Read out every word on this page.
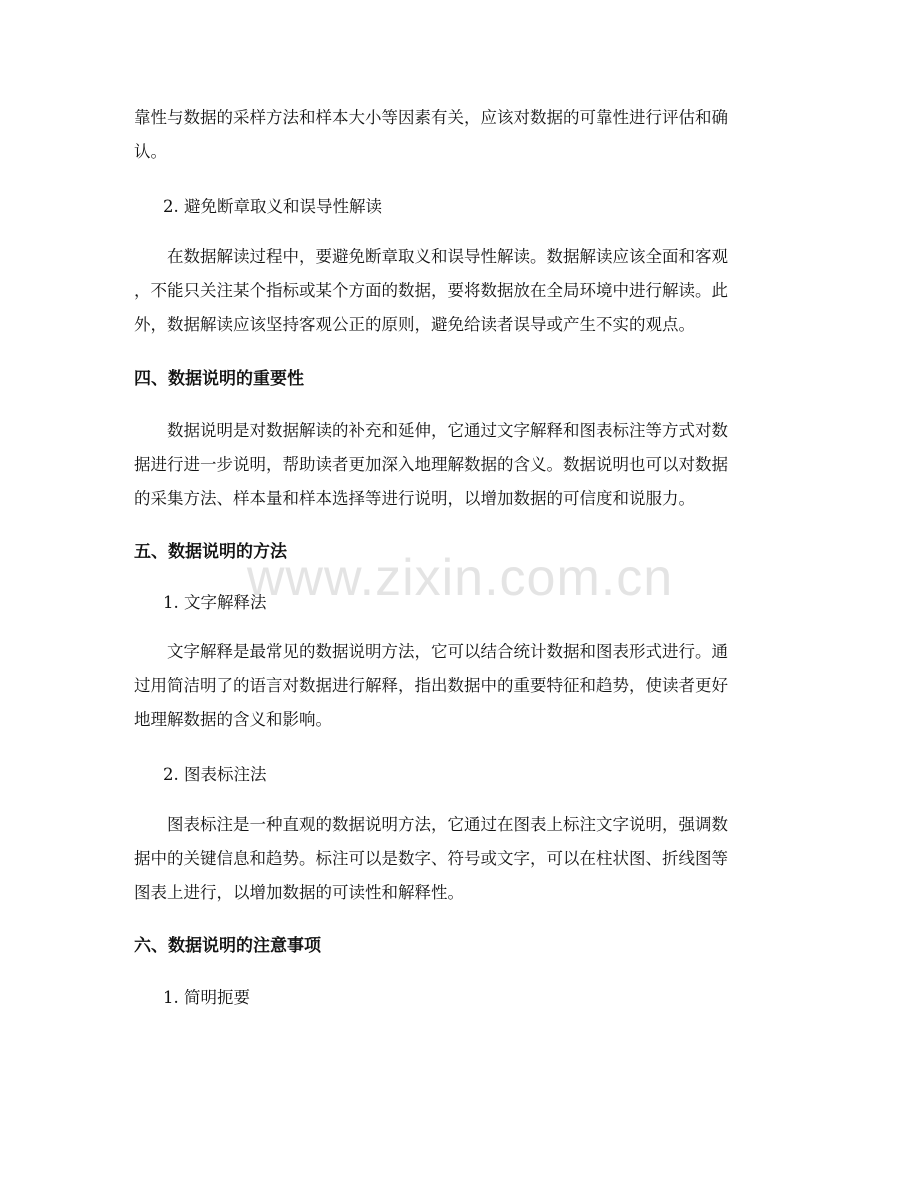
靠性与数据的采样方法和样本大小等因素有关，应该对数据的可靠性进行评估和确
认。
2. 避免断章取义和误导性解读
在数据解读过程中，要避免断章取义和误导性解读。数据解读应该全面和客观
，不能只关注某个指标或某个方面的数据，要将数据放在全局环境中进行解读。此
外，数据解读应该坚持客观公正的原则，避免给读者误导或产生不实的观点。
四、数据说明的重要性
数据说明是对数据解读的补充和延伸，它通过文字解释和图表标注等方式对数
据进行进一步说明，帮助读者更加深入地理解数据的含义。数据说明也可以对数据
的采集方法、样本量和样本选择等进行说明，以增加数据的可信度和说服力。
五、数据说明的方法
1. 文字解释法
文字解释是最常见的数据说明方法，它可以结合统计数据和图表形式进行。通
过用简洁明了的语言对数据进行解释，指出数据中的重要特征和趋势，使读者更好
地理解数据的含义和影响。
2. 图表标注法
图表标注是一种直观的数据说明方法，它通过在图表上标注文字说明，强调数
据中的关键信息和趋势。标注可以是数字、符号或文字，可以在柱状图、折线图等
图表上进行，以增加数据的可读性和解释性。
六、数据说明的注意事项
1. 简明扼要
www.zixin.com.cn
